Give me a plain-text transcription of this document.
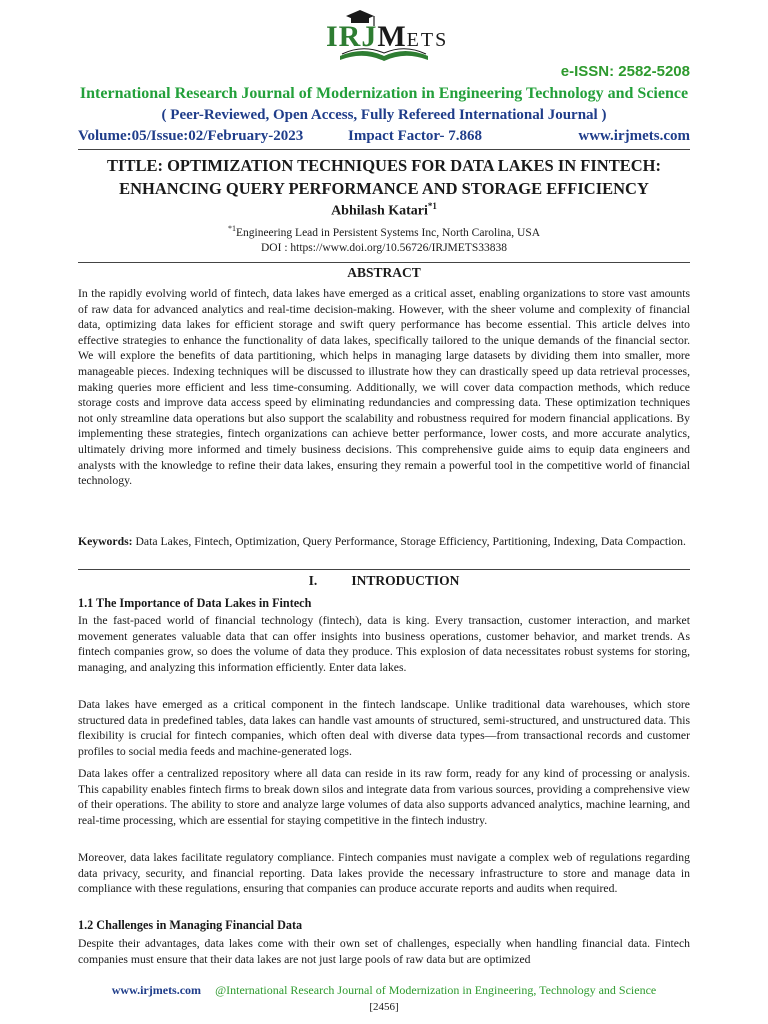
IRJMETS
e-ISSN: 2582-5208
International Research Journal of Modernization in Engineering Technology and Science
( Peer-Reviewed, Open Access, Fully Refereed International Journal )
Volume:05/Issue:02/February-2023	Impact Factor- 7.868	www.irjmets.com
TITLE: OPTIMIZATION TECHNIQUES FOR DATA LAKES IN FINTECH:
ENHANCING QUERY PERFORMANCE AND STORAGE EFFICIENCY
Abhilash Katari$^{*1}$
$^{*1}$Engineering Lead in Persistent Systems Inc, North Carolina, USA
DOI : https://www.doi.org/10.56726/IRJMETS33838
ABSTRACT
In the rapidly evolving world of fintech, data lakes have emerged as a critical asset, enabling organizations to store vast amounts of raw data for advanced analytics and real-time decision-making. However, with the sheer volume and complexity of financial data, optimizing data lakes for efficient storage and swift query performance has become essential. This article delves into effective strategies to enhance the functionality of data lakes, specifically tailored to the unique demands of the financial sector. We will explore the benefits of data partitioning, which helps in managing large datasets by dividing them into smaller, more manageable pieces. Indexing techniques will be discussed to illustrate how they can drastically speed up data retrieval processes, making queries more efficient and less time-consuming. Additionally, we will cover data compaction methods, which reduce storage costs and improve data access speed by eliminating redundancies and compressing data. These optimization techniques not only streamline data operations but also support the scalability and robustness required for modern financial applications. By implementing these strategies, fintech organizations can achieve better performance, lower costs, and more accurate analytics, ultimately driving more informed and timely business decisions. This comprehensive guide aims to equip data engineers and analysts with the knowledge to refine their data lakes, ensuring they remain a powerful tool in the competitive world of financial technology.
Keywords: Data Lakes, Fintech, Optimization, Query Performance, Storage Efficiency, Partitioning, Indexing, Data Compaction.
I.	INTRODUCTION
1.1 The Importance of Data Lakes in Fintech
In the fast-paced world of financial technology (fintech), data is king. Every transaction, customer interaction, and market movement generates valuable data that can offer insights into business operations, customer behavior, and market trends. As fintech companies grow, so does the volume of data they produce. This explosion of data necessitates robust systems for storing, managing, and analyzing this information efficiently. Enter data lakes.
Data lakes have emerged as a critical component in the fintech landscape. Unlike traditional data warehouses, which store structured data in predefined tables, data lakes can handle vast amounts of structured, semi-structured, and unstructured data. This flexibility is crucial for fintech companies, which often deal with diverse data types—from transactional records and customer profiles to social media feeds and machine-generated logs.
Data lakes offer a centralized repository where all data can reside in its raw form, ready for any kind of processing or analysis. This capability enables fintech firms to break down silos and integrate data from various sources, providing a comprehensive view of their operations. The ability to store and analyze large volumes of data also supports advanced analytics, machine learning, and real-time processing, which are essential for staying competitive in the fintech industry.
Moreover, data lakes facilitate regulatory compliance. Fintech companies must navigate a complex web of regulations regarding data privacy, security, and financial reporting. Data lakes provide the necessary infrastructure to store and manage data in compliance with these regulations, ensuring that companies can produce accurate reports and audits when required.
1.2 Challenges in Managing Financial Data
Despite their advantages, data lakes come with their own set of challenges, especially when handling financial data. Fintech companies must ensure that their data lakes are not just large pools of raw data but are optimized
www.irjmets.com @International Research Journal of Modernization in Engineering, Technology and Science
[2456]
